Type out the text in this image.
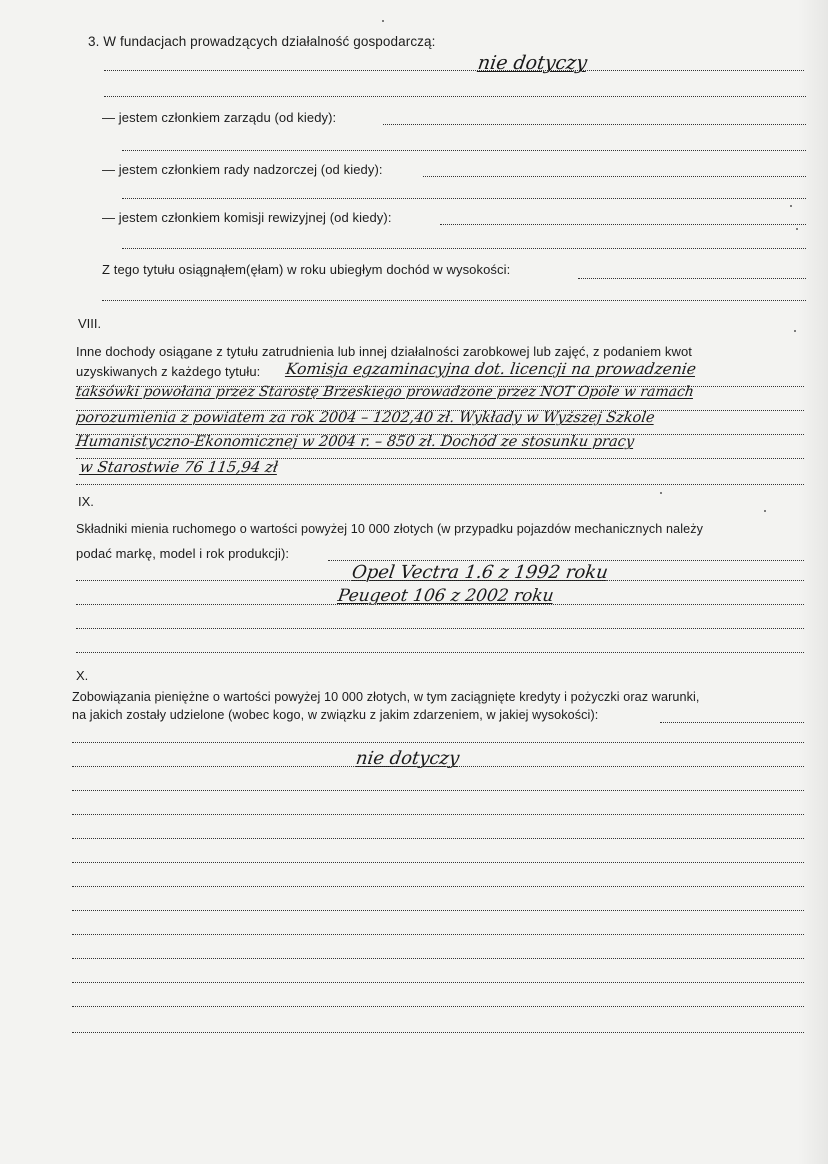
3. W fundacjach prowadzących działalność gospodarczą:
nie dotyczy
— jestem członkiem zarządu (od kiedy):
— jestem członkiem rady nadzorczej (od kiedy):
— jestem członkiem komisji rewizyjnej (od kiedy):
Z tego tytułu osiągnąłem(ęłam) w roku ubiegłym dochód w wysokości:
VIII.
Inne dochody osiągane z tytułu zatrudnienia lub innej działalności zarobkowej lub zajęć, z podaniem kwot
uzyskiwanych z każdego tytułu: Komisja egzaminacyjna dot. licencji na prowadzenie
taksówki powołana przez Starostę Brzeskiego prowadzone przez NOT Opole w ramach
porozumienia z powiatem za rok 2004 – 1202,40 zł. Wykłady w Wyższej Szkole
Humanistyczno-Ekonomicznej w 2004 r. – 850 zł. Dochód ze stosunku pracy
w Starostwie 76 115,94 zł
IX.
Składniki mienia ruchomego o wartości powyżej 10 000 złotych (w przypadku pojazdów mechanicznych należy
podać markę, model i rok produkcji):
Opel Vectra 1.6 z 1992 roku
Peugeot 106 z 2002 roku
X.
Zobowiązania pieniężne o wartości powyżej 10 000 złotych, w tym zaciągnięte kredyty i pożyczki oraz warunki,
na jakich zostały udzielone (wobec kogo, w związku z jakim zdarzeniem, w jakiej wysokości):
nie dotyczy
